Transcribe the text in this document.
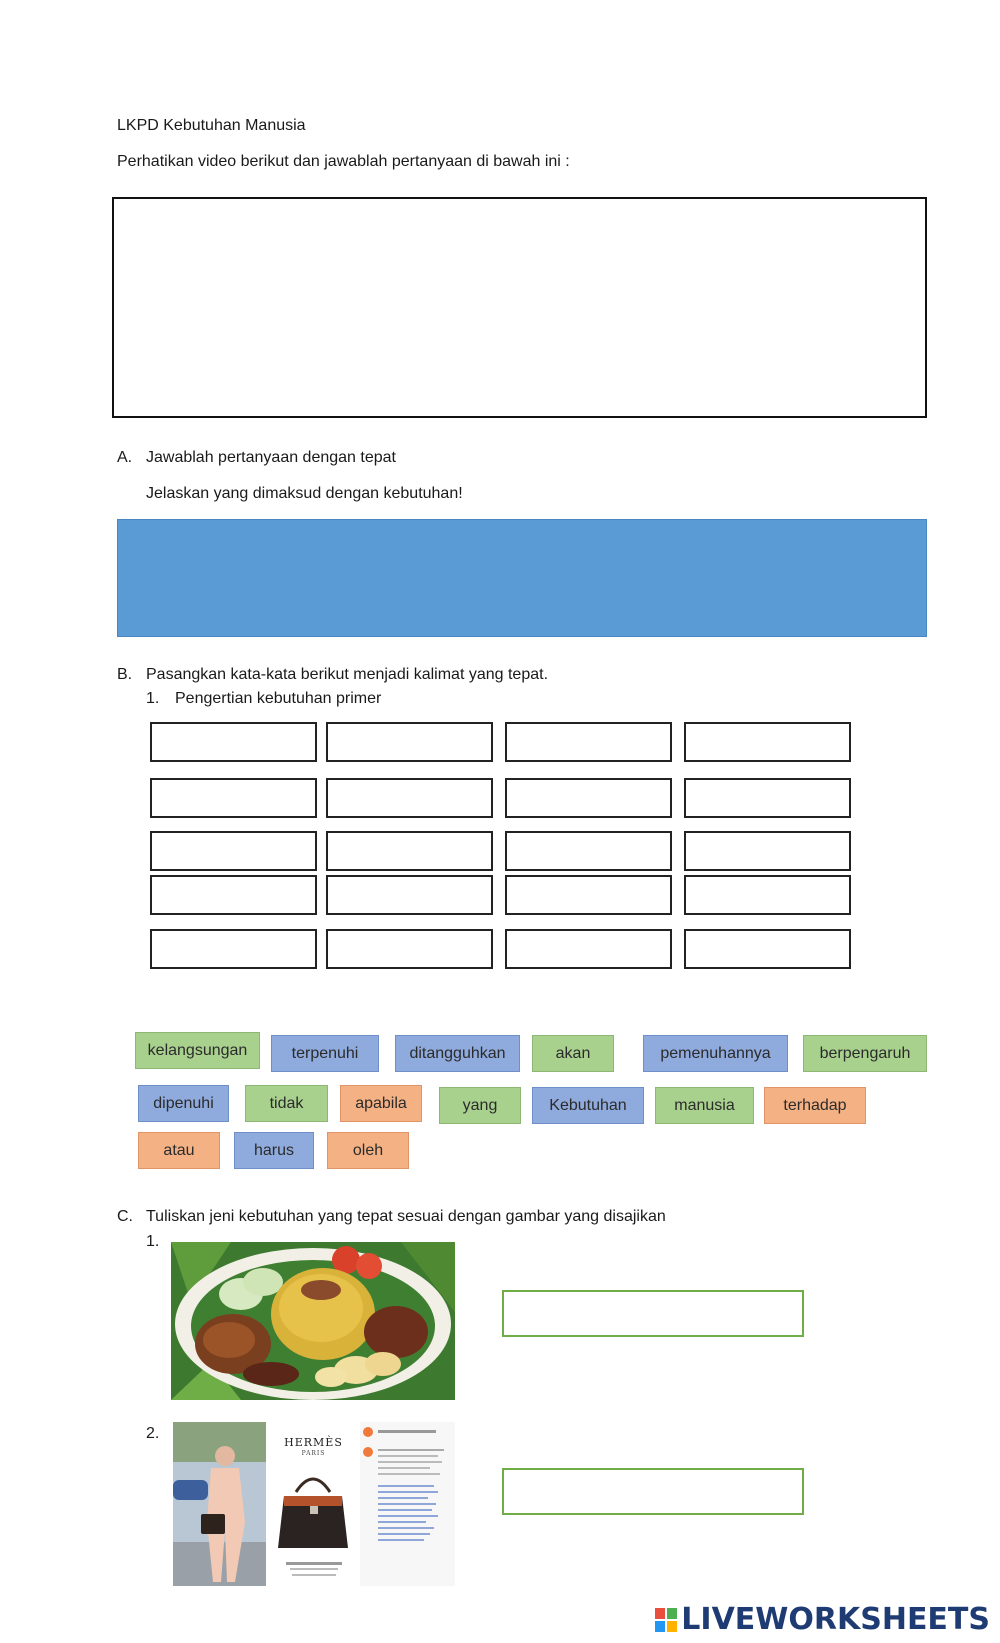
LKPD Kebutuhan Manusia
Perhatikan video berikut dan jawablah pertanyaan di bawah ini :
A. Jawablah pertanyaan dengan tepat
Jelaskan yang dimaksud dengan kebutuhan!
B. Pasangkan kata-kata berikut menjadi kalimat yang tepat.
1. Pengertian kebutuhan primer
kelangsungan	terpenuhi	ditangguhkan	akan	pemenuhannya	berpengaruh
dipenuhi	tidak	apabila	yang	Kebutuhan	manusia	terhadap
atau	harus	oleh
C. Tuliskan jeni kebutuhan yang tepat sesuai dengan gambar yang disajikan
1.
2.
HERMÈS
PARIS
LIVEWORKSHEETS
